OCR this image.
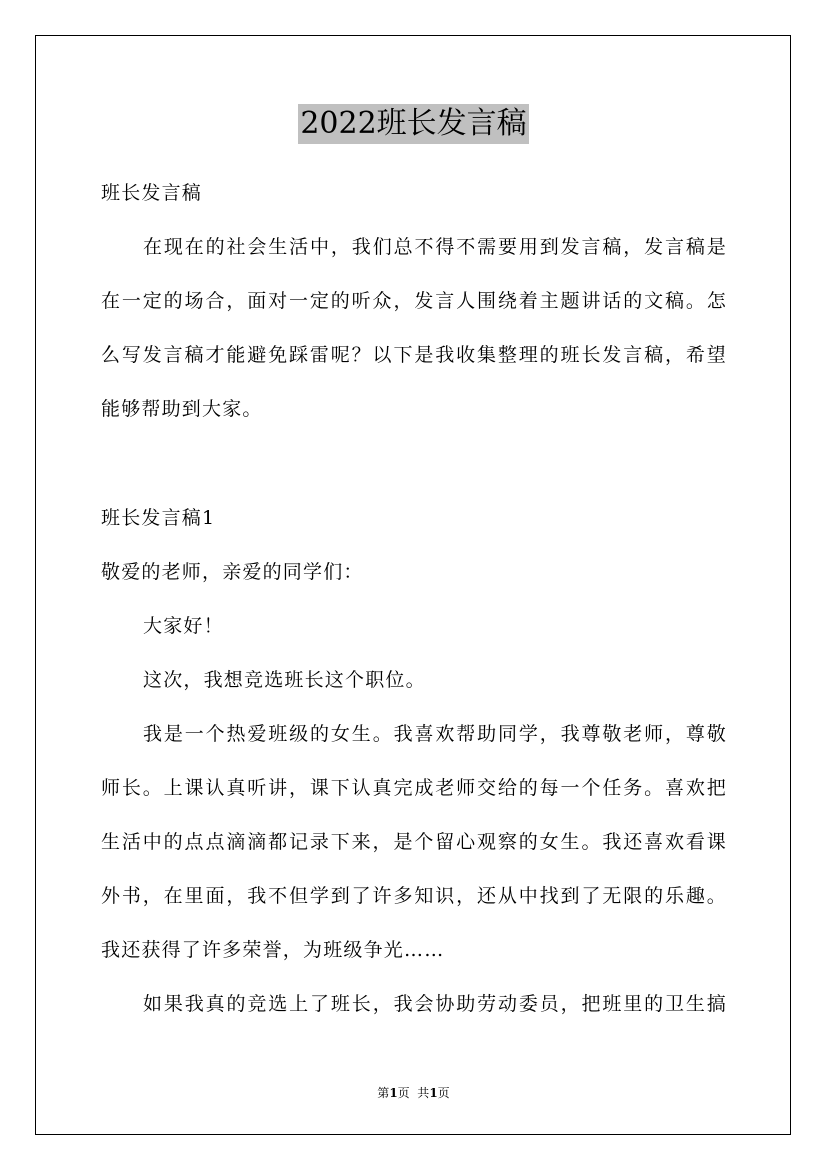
2022班长发言稿
班长发言稿
在现在的社会生活中，我们总不得不需要用到发言稿，发言稿是
在一定的场合，面对一定的听众，发言人围绕着主题讲话的文稿。怎
么写发言稿才能避免踩雷呢？以下是我收集整理的班长发言稿，希望
能够帮助到大家。
班长发言稿1
敬爱的老师，亲爱的同学们：
大家好！
这次，我想竞选班长这个职位。
我是一个热爱班级的女生。我喜欢帮助同学，我尊敬老师，尊敬
师长。上课认真听讲，课下认真完成老师交给的每一个任务。喜欢把
生活中的点点滴滴都记录下来，是个留心观察的女生。我还喜欢看课
外书，在里面，我不但学到了许多知识，还从中找到了无限的乐趣。
我还获得了许多荣誉，为班级争光……
如果我真的竞选上了班长，我会协助劳动委员，把班里的卫生搞
第1页  共1页
